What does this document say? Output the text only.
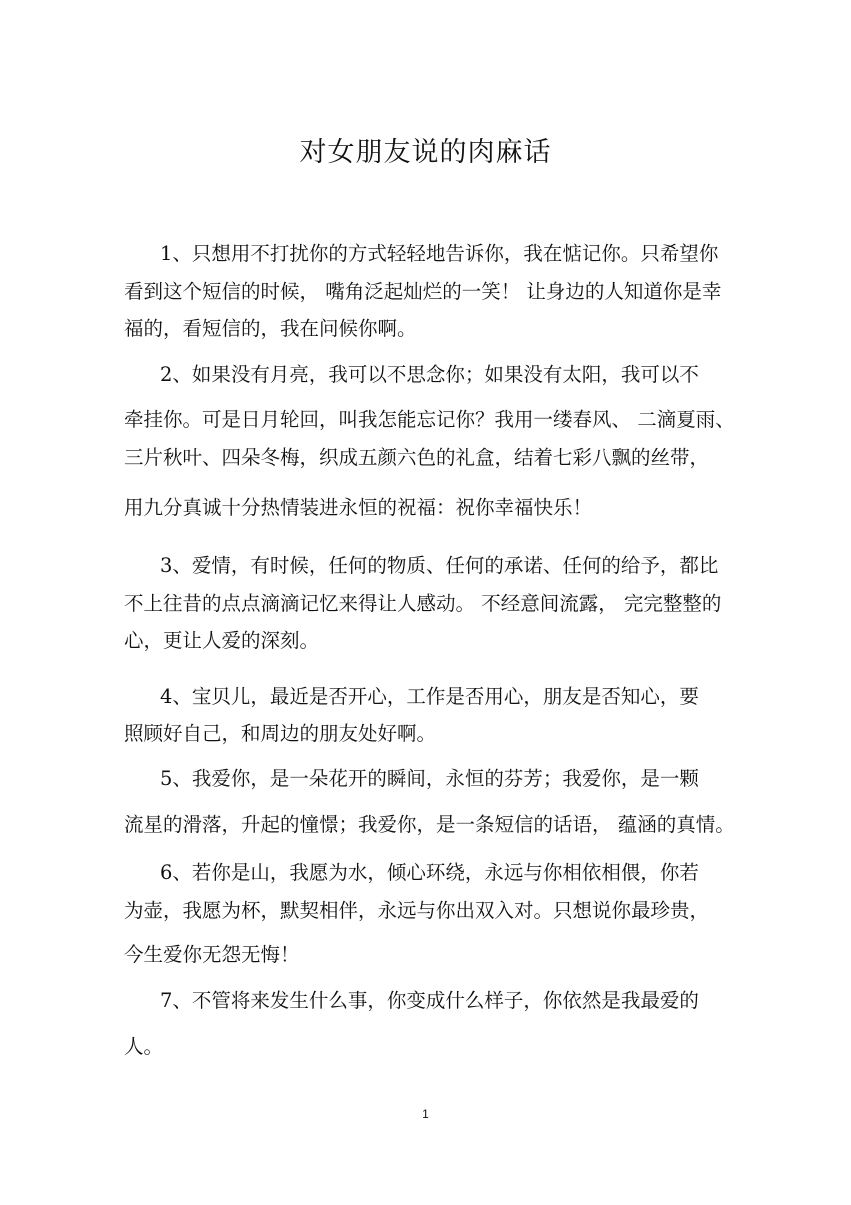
对女朋友说的肉麻话
1、只想用不打扰你的方式轻轻地告诉你，我在惦记你。只希望你
看到这个短信的时候， 嘴角泛起灿烂的一笑！ 让身边的人知道你是幸
福的，看短信的，我在问候你啊。
2、如果没有月亮，我可以不思念你；如果没有太阳，我可以不
牵挂你。可是日月轮回，叫我怎能忘记你？我用一缕春风、 二滴夏雨、
三片秋叶、四朵冬梅，织成五颜六色的礼盒，结着七彩八飘的丝带，
用九分真诚十分热情装进永恒的祝福：祝你幸福快乐！
3、爱情，有时候，任何的物质、任何的承诺、任何的给予，都比
不上往昔的点点滴滴记忆来得让人感动。 不经意间流露， 完完整整的
心，更让人爱的深刻。
4、宝贝儿，最近是否开心，工作是否用心，朋友是否知心，要
照顾好自己，和周边的朋友处好啊。
5、我爱你，是一朵花开的瞬间，永恒的芬芳；我爱你，是一颗
流星的滑落，升起的憧憬；我爱你，是一条短信的话语， 蕴涵的真情。
6、若你是山，我愿为水，倾心环绕，永远与你相依相偎，你若
为壶，我愿为杯，默契相伴，永远与你出双入对。只想说你最珍贵，
今生爱你无怨无悔！
7、不管将来发生什么事，你变成什么样子，你依然是我最爱的
人。
1
